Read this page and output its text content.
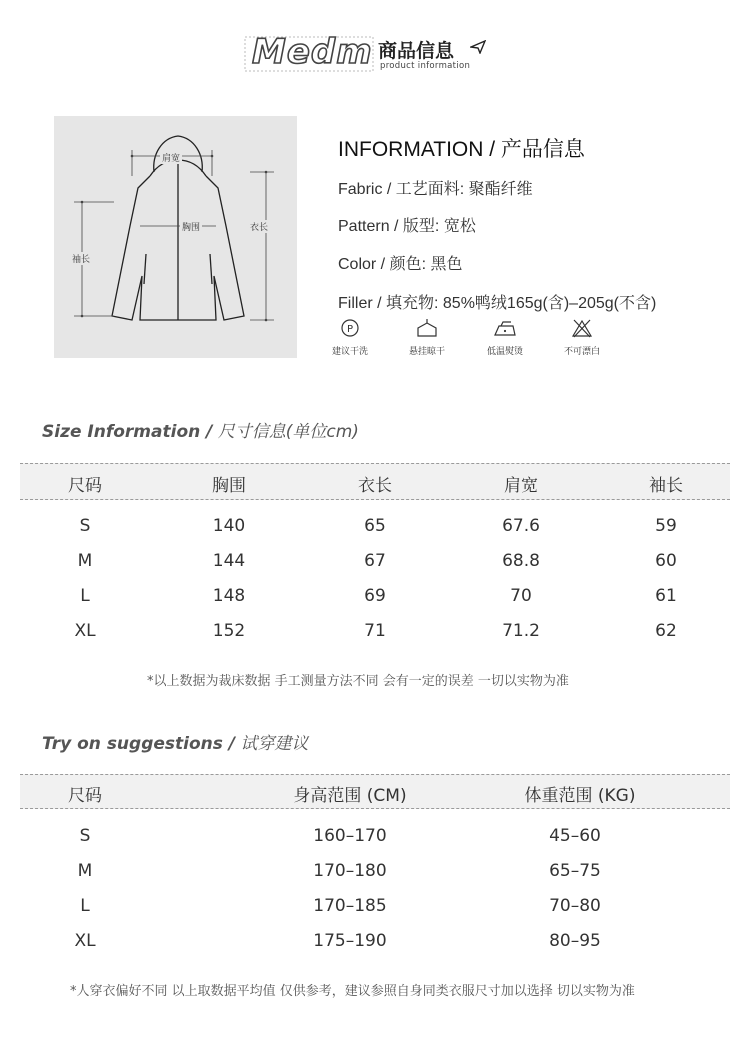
Medm 商品信息
product information
肩宽
胸围	衣长
袖长
INFORMATION / 产品信息
Fabric / 工艺面料: 聚酯纤维
Pattern / 版型: 宽松
Color / 颜色: 黑色
Filler / 填充物: 85%鸭绒165g(含)–205g(不含)
P
建议干洗	悬挂晾干	低温熨烫	不可漂白
Size Information / 尺寸信息(单位cm)
尺码	胸围	衣长	肩宽	袖长
S	140	65	67.6	59
M	144	67	68.8	60
L	148	69	70	61
XL	152	71	71.2	62
*以上数据为裁床数据 手工测量方法不同 会有一定的误差 一切以实物为准
Try on suggestions / 试穿建议
尺码	身高范围 (CM)	体重范围 (KG)
S	160–170	45–60
M	170–180	65–75
L	170–185	70–80
XL	175–190	80–95
*人穿衣偏好不同 以上取数据平均值 仅供参考，建议参照自身同类衣服尺寸加以选择 切以实物为准
